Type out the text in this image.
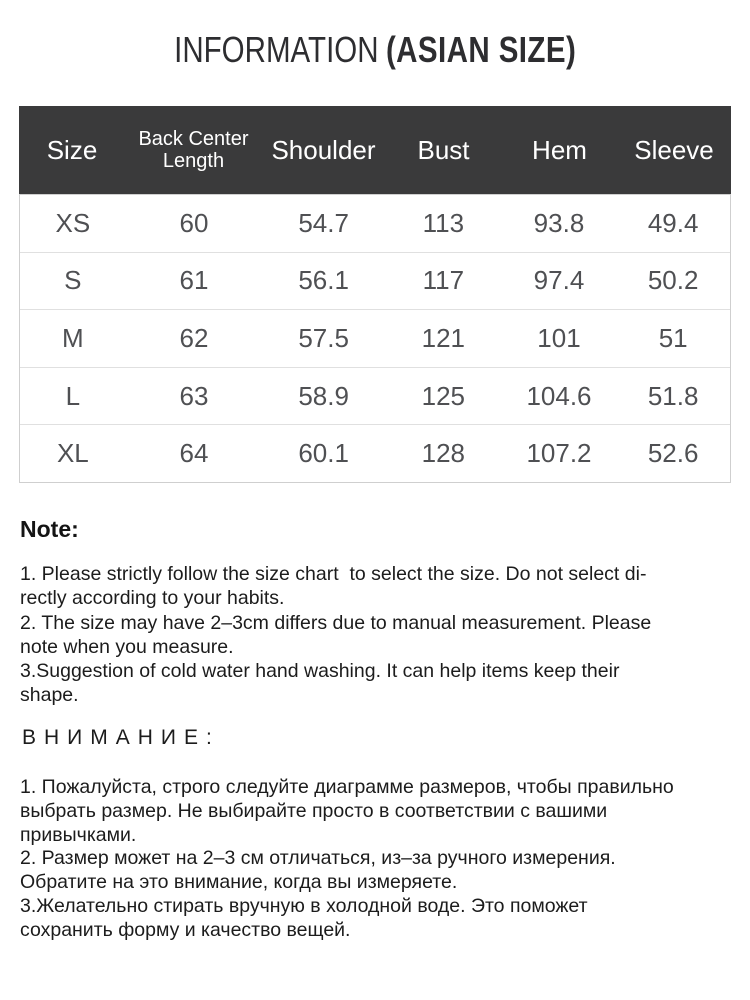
INFORMATION (ASIAN SIZE)
Size	Back Center Length	Shoulder	Bust	Hem	Sleeve
XS	60	54.7	113	93.8	49.4
S	61	56.1	117	97.4	50.2
M	62	57.5	121	101	51
L	63	58.9	125	104.6	51.8
XL	64	60.1	128	107.2	52.6
Note:
1. Please strictly follow the size chart  to select the size. Do not select di-
rectly according to your habits.
2. The size may have 2–3cm differs due to manual measurement. Please
note when you measure.
3.Suggestion of cold water hand washing. It can help items keep their
shape.
ВНИМАНИЕ:
1. Пожалуйста, строго следуйте диаграмме размеров, чтобы правильно
выбрать размер. Не выбирайте просто в соответствии с вашими
привычками.
2. Размер может на 2–3 см отличаться, из–за ручного измерения.
Обратите на это внимание, когда вы измеряете.
3.Желательно стирать вручную в холодной воде. Это поможет
сохранить форму и качество вещей.
